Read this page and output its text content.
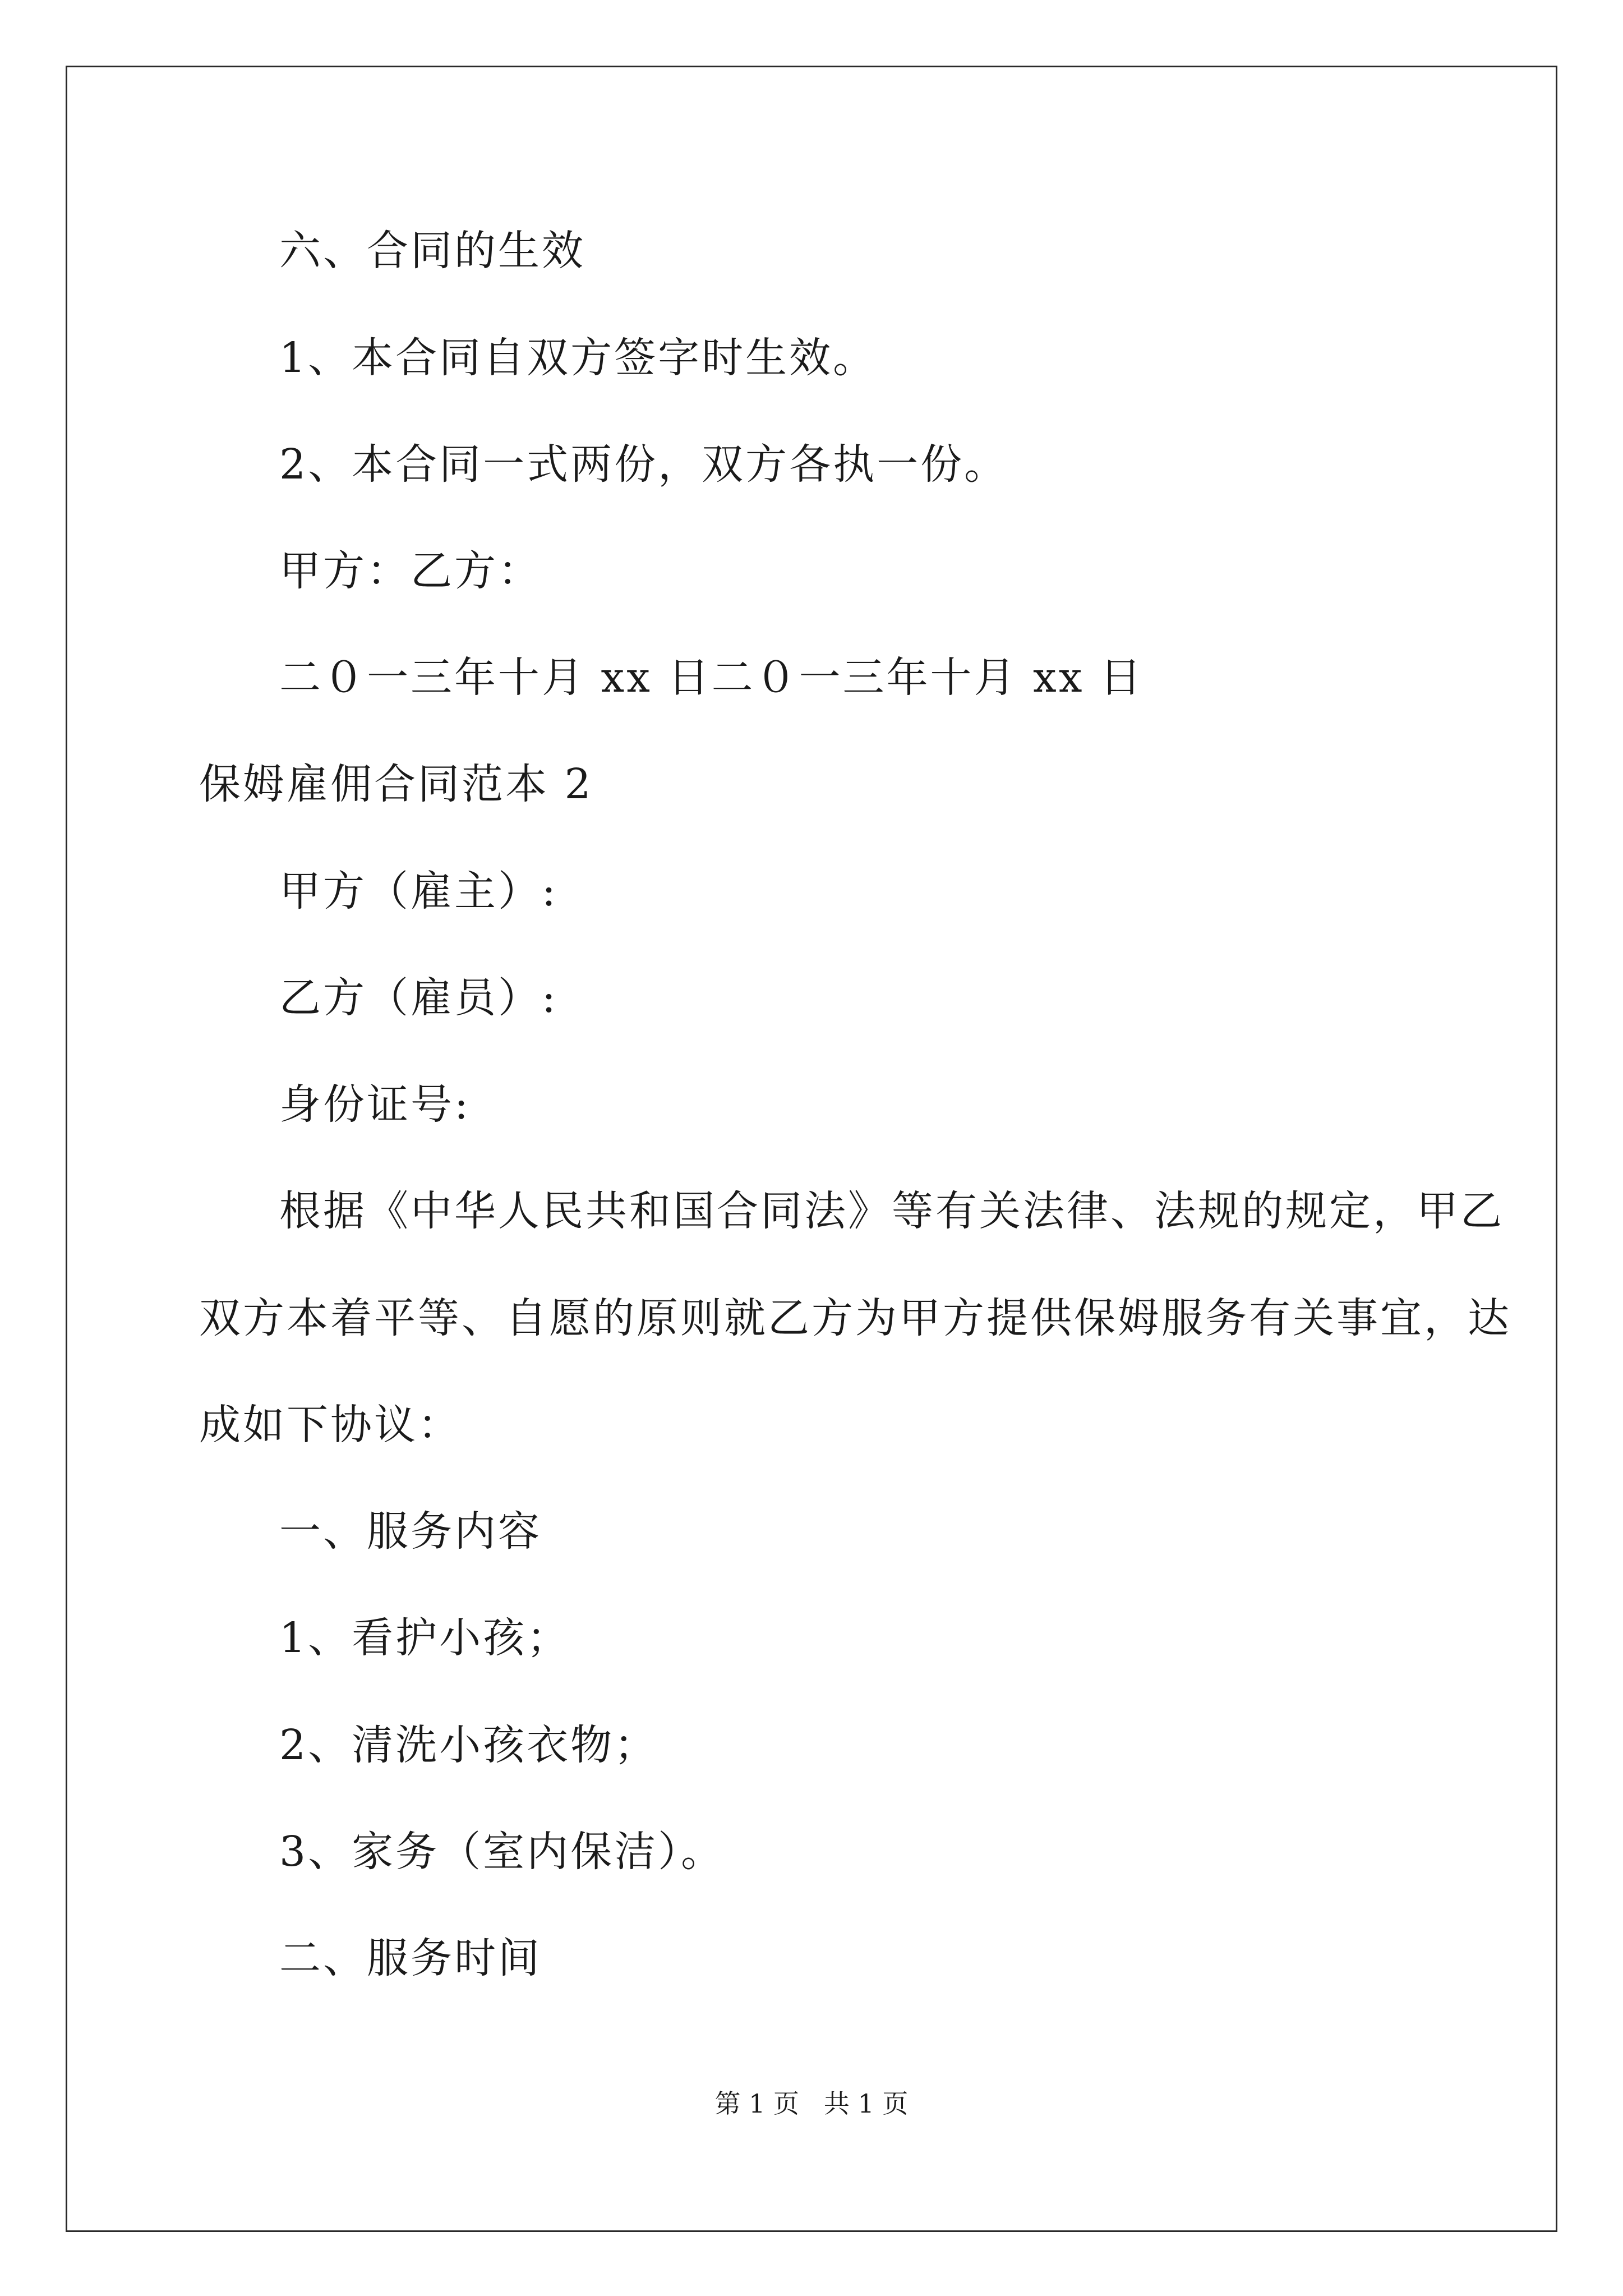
六、合同的生效
1、本合同自双方签字时生效。
2、本合同一式两份，双方各执一份。
甲方：乙方：
二０一三年十月 xx 日二０一三年十月 xx 日
保姆雇佣合同范本 2
甲方（雇主）:
乙方（雇员）:
身份证号:
根据《中华人民共和国合同法》等有关法律、法规的规定，甲乙
双方本着平等、自愿的原则就乙方为甲方提供保姆服务有关事宜，达
成如下协议：
一、服务内容
1、看护小孩；
2、清洗小孩衣物；
3、家务（室内保洁）。
二、服务时间
第 1 页   共 1 页
